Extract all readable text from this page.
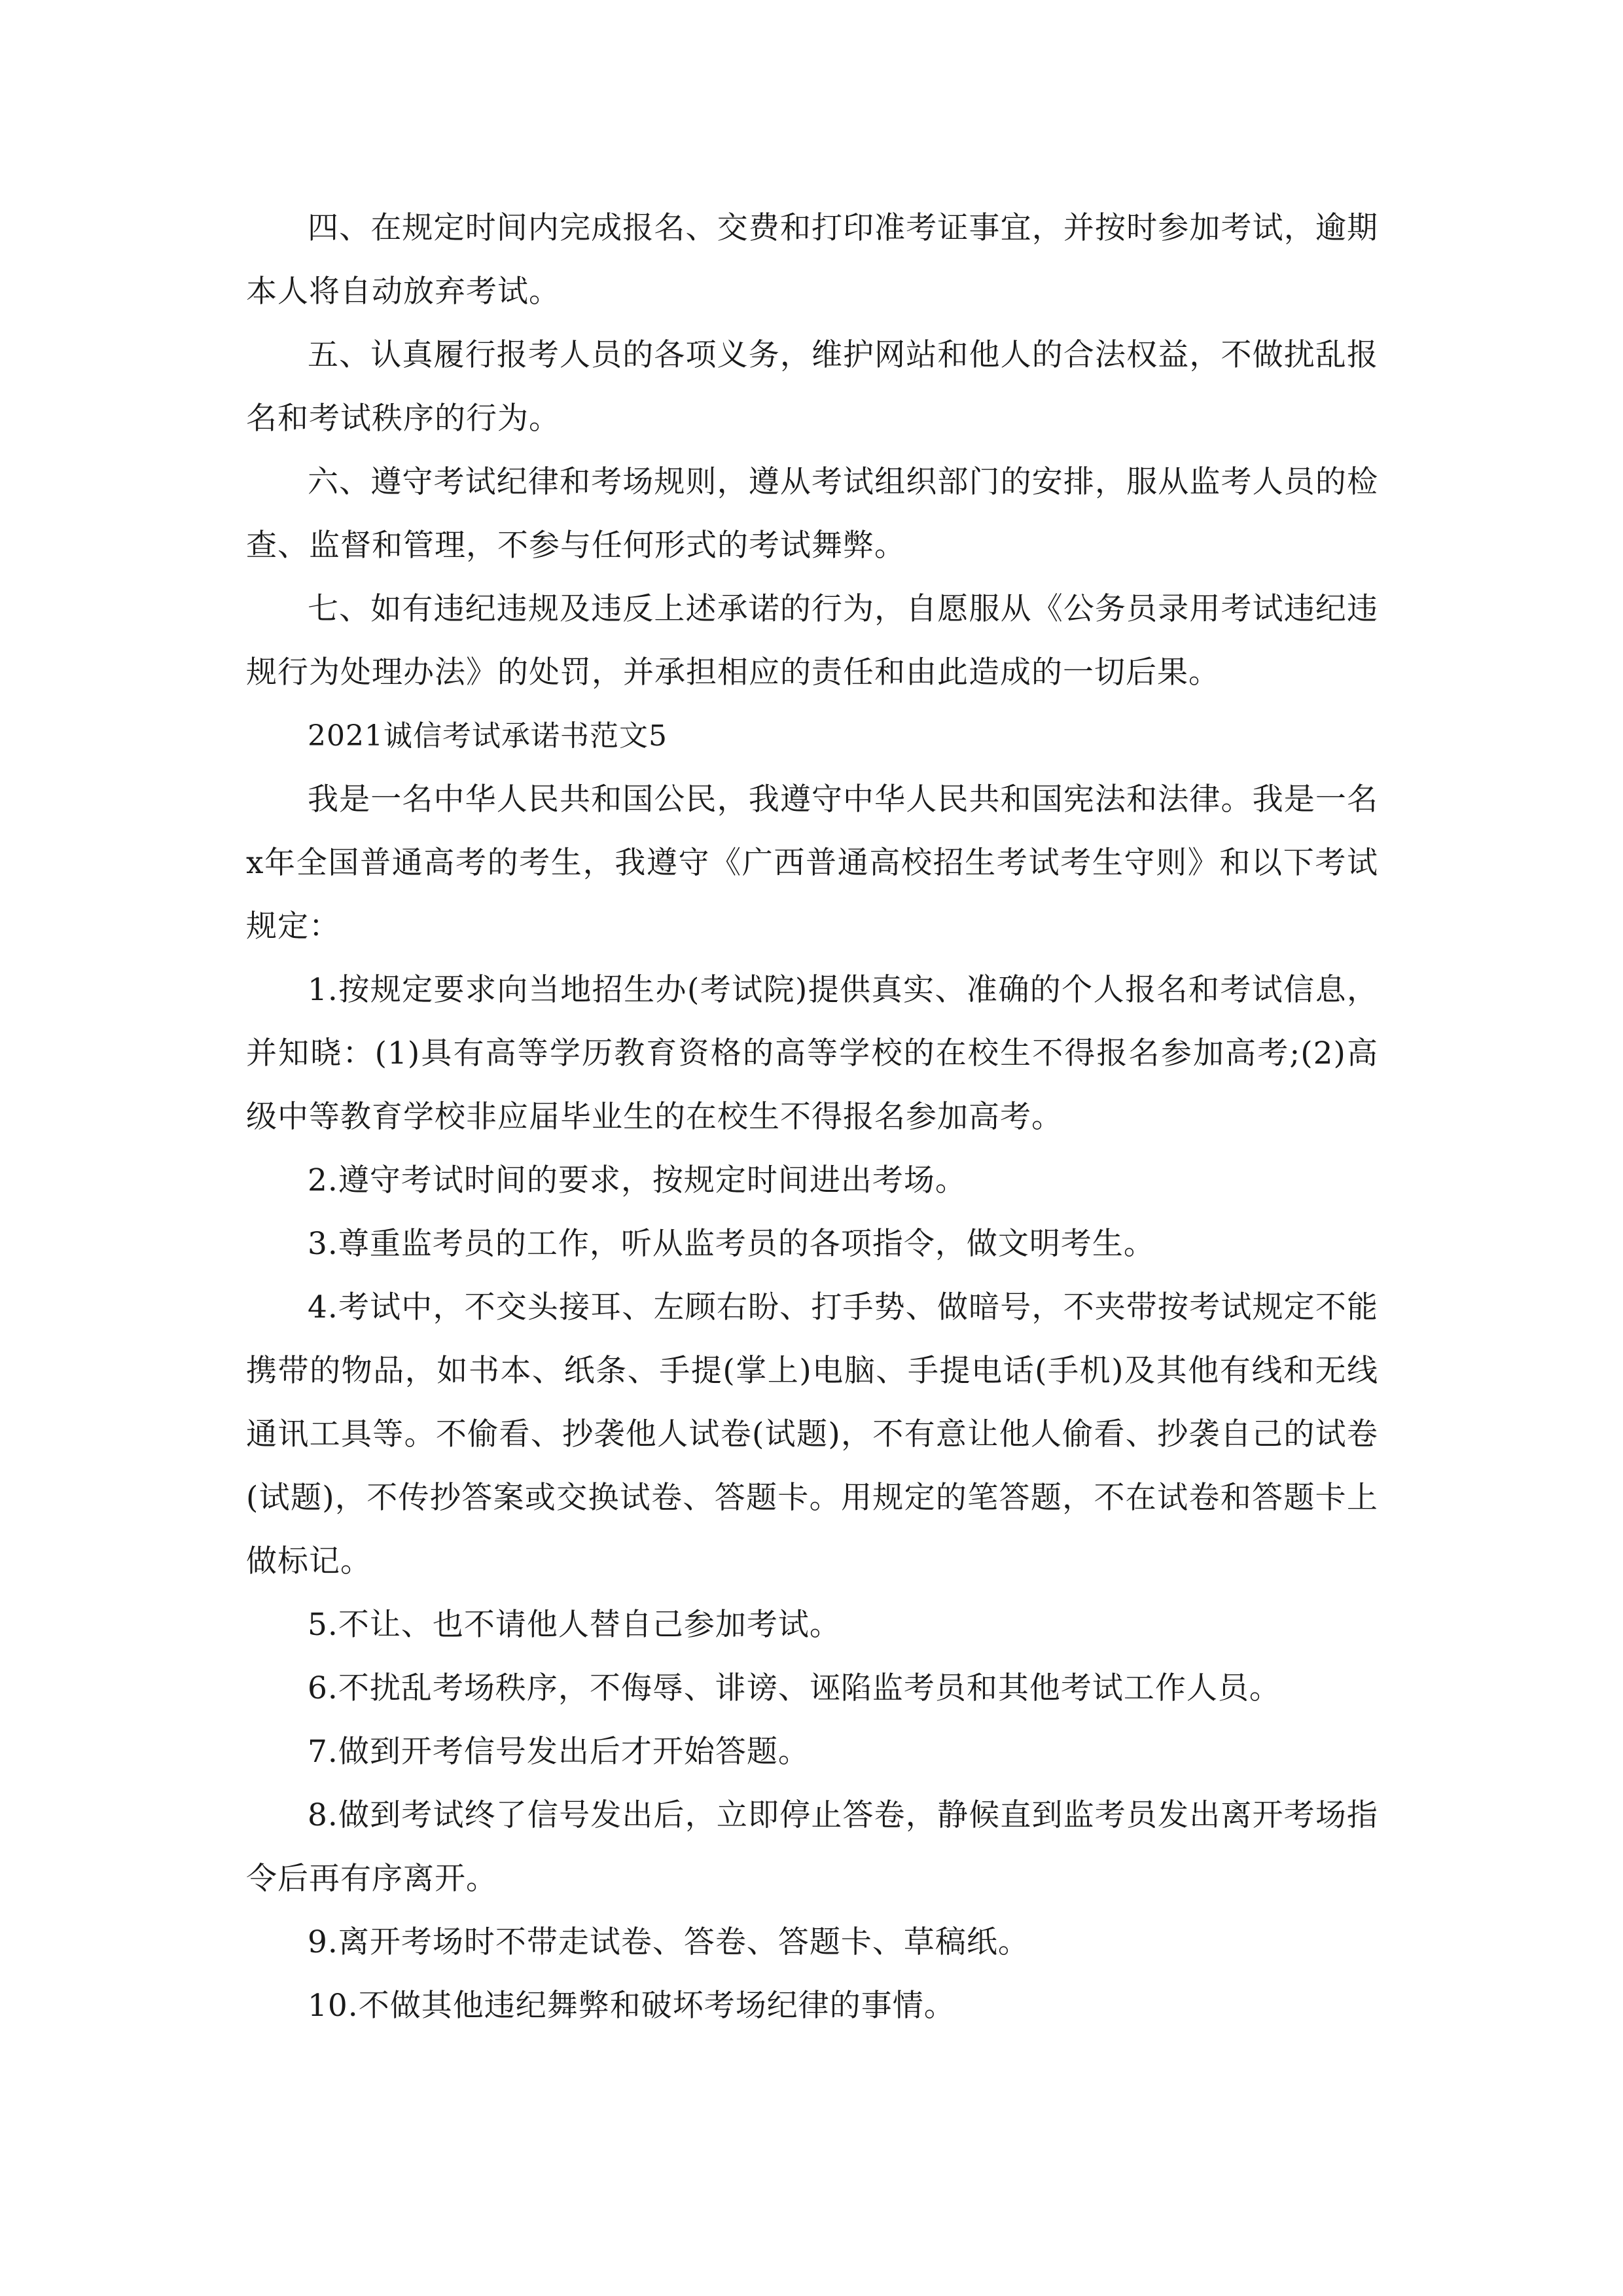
四、在规定时间内完成报名、交费和打印准考证事宜，并按时参加考试，逾期本人将自动放弃考试。

五、认真履行报考人员的各项义务，维护网站和他人的合法权益，不做扰乱报名和考试秩序的行为。

六、遵守考试纪律和考场规则，遵从考试组织部门的安排，服从监考人员的检查、监督和管理，不参与任何形式的考试舞弊。

七、如有违纪违规及违反上述承诺的行为，自愿服从《公务员录用考试违纪违规行为处理办法》的处罚，并承担相应的责任和由此造成的一切后果。

2021诚信考试承诺书范文5

我是一名中华人民共和国公民，我遵守中华人民共和国宪法和法律。我是一名x年全国普通高考的考生，我遵守《广西普通高校招生考试考生守则》和以下考试规定：

1.按规定要求向当地招生办(考试院)提供真实、准确的个人报名和考试信息，并知晓：(1)具有高等学历教育资格的高等学校的在校生不得报名参加高考;(2)高级中等教育学校非应届毕业生的在校生不得报名参加高考。

2.遵守考试时间的要求，按规定时间进出考场。

3.尊重监考员的工作，听从监考员的各项指令，做文明考生。

4.考试中，不交头接耳、左顾右盼、打手势、做暗号，不夹带按考试规定不能携带的物品，如书本、纸条、手提(掌上)电脑、手提电话(手机)及其他有线和无线通讯工具等。不偷看、抄袭他人试卷(试题)，不有意让他人偷看、抄袭自己的试卷(试题)，不传抄答案或交换试卷、答题卡。用规定的笔答题，不在试卷和答题卡上做标记。

5.不让、也不请他人替自己参加考试。

6.不扰乱考场秩序，不侮辱、诽谤、诬陷监考员和其他考试工作人员。

7.做到开考信号发出后才开始答题。

8.做到考试终了信号发出后，立即停止答卷，静候直到监考员发出离开考场指令后再有序离开。

9.离开考场时不带走试卷、答卷、答题卡、草稿纸。

10.不做其他违纪舞弊和破坏考场纪律的事情。
